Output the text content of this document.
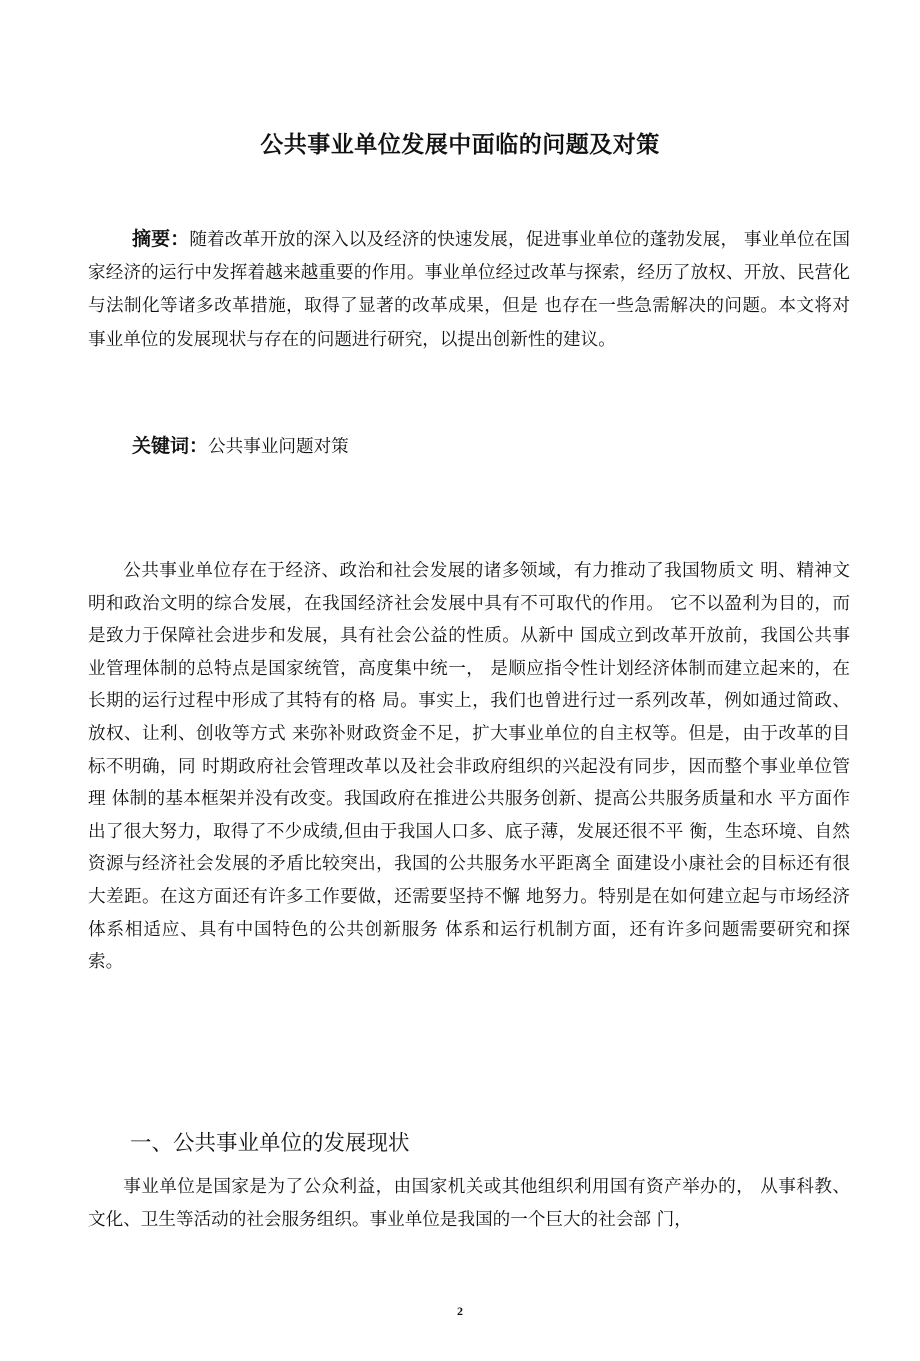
公共事业单位发展中面临的问题及对策
摘要：随着改革开放的深入以及经济的快速发展，促进事业单位的蓬勃发展， 事业单位在国家经济的运行中发挥着越来越重要的作用。事业单位经过改革与探索，经历了放权、开放、民营化与法制化等诸多改革措施，取得了显著的改革成果，但是 也存在一些急需解决的问题。本文将对事业单位的发展现状与存在的问题进行研究，以提出创新性的建议。
关键词：公共事业问题对策
公共事业单位存在于经济、政治和社会发展的诸多领域，有力推动了我国物质文 明、精神文明和政治文明的综合发展，在我国经济社会发展中具有不可取代的作用。 它不以盈利为目的，而是致力于保障社会进步和发展，具有社会公益的性质。从新中 国成立到改革开放前，我国公共事业管理体制的总特点是国家统管，高度集中统一， 是顺应指令性计划经济体制而建立起来的，在长期的运行过程中形成了其特有的格 局。事实上，我们也曾进行过一系列改革，例如通过简政、放权、让利、创收等方式 来弥补财政资金不足，扩大事业单位的自主权等。但是，由于改革的目标不明确，同 时期政府社会管理改革以及社会非政府组织的兴起没有同步，因而整个事业单位管理 体制的基本框架并没有改变。我国政府在推进公共服务创新、提高公共服务质量和水 平方面作出了很大努力，取得了不少成绩,但由于我国人口多、底子薄，发展还很不平 衡，生态环境、自然资源与经济社会发展的矛盾比较突出，我国的公共服务水平距离全 面建设小康社会的目标还有很大差距。在这方面还有许多工作要做，还需要坚持不懈 地努力。特别是在如何建立起与市场经济体系相适应、具有中国特色的公共创新服务 体系和运行机制方面，还有许多问题需要研究和探索。
一、公共事业单位的发展现状
事业单位是国家是为了公众利益，由国家机关或其他组织利用国有资产举办的， 从事科教、文化、卫生等活动的社会服务组织。事业单位是我国的一个巨大的社会部 门，
2
